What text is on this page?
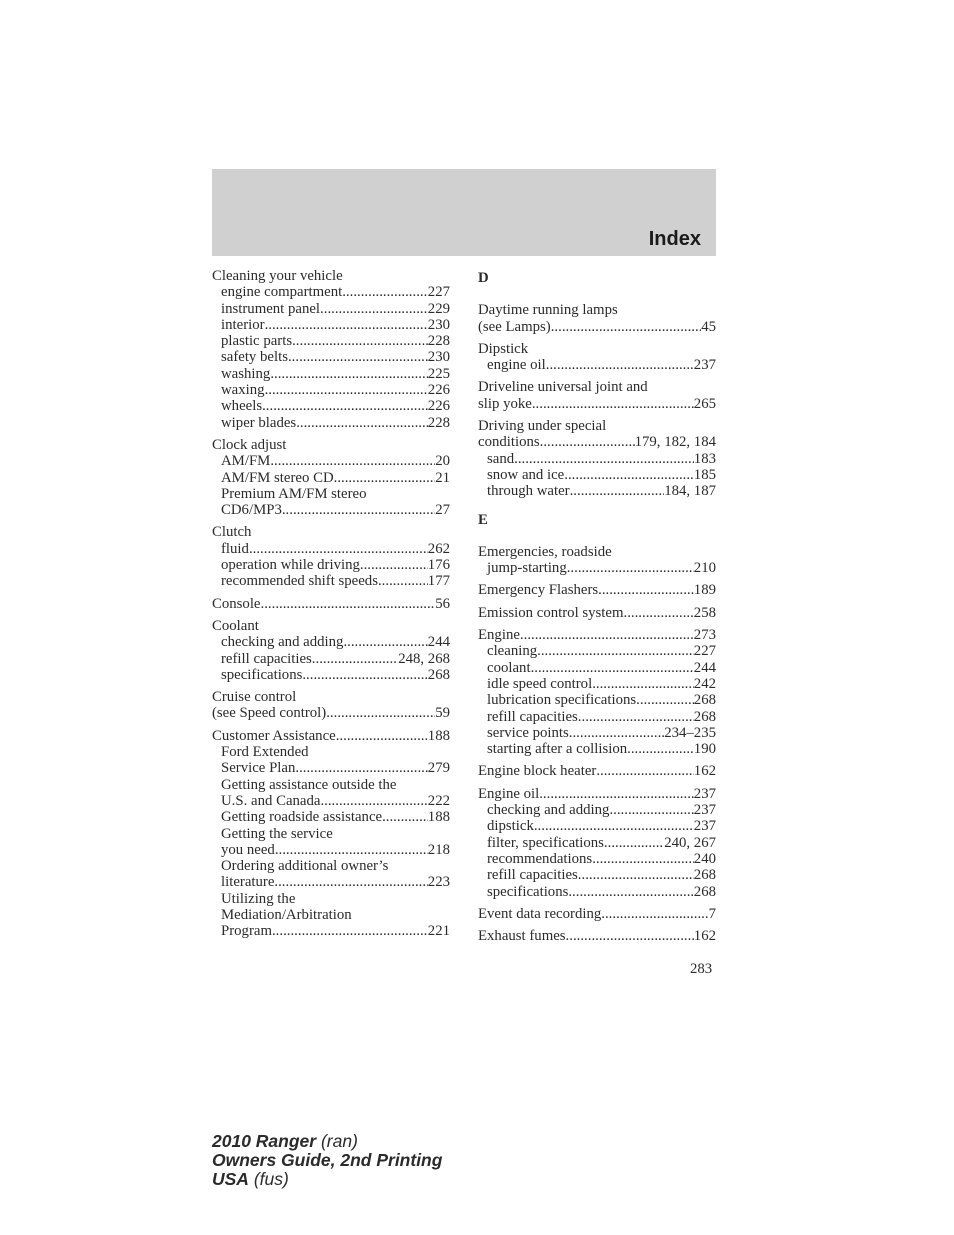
Index
Cleaning your vehicle
engine compartment .....	227
instrument panel .....	229
interior .....	230
plastic parts .....	228
safety belts .....	230
washing .....	225
waxing .....	226
wheels .....	226
wiper blades .....	228
Clock adjust
AM/FM .....	20
AM/FM stereo CD .....	21
Premium AM/FM stereo
CD6/MP3 .....	27
Clutch
fluid .....	262
operation while driving .....	176
recommended shift speeds .....	177
Console .....	56
Coolant
checking and adding .....	244
refill capacities .....	248, 268
specifications .....	268
Cruise control
(see Speed control) .....	59
Customer Assistance .....	188
Ford Extended
Service Plan .....	279
Getting assistance outside the
U.S. and Canada .....	222
Getting roadside assistance .....	188
Getting the service
you need .....	218
Ordering additional owner’s
literature .....	223
Utilizing the
Mediation/Arbitration
Program .....	221
D
Daytime running lamps
(see Lamps) .....	45
Dipstick
engine oil .....	237
Driveline universal joint and
slip yoke .....	265
Driving under special
conditions .....	179, 182, 184
sand .....	183
snow and ice .....	185
through water .....	184, 187
E
Emergencies, roadside
jump-starting .....	210
Emergency Flashers .....	189
Emission control system .....	258
Engine .....	273
cleaning .....	227
coolant .....	244
idle speed control .....	242
lubrication specifications .....	268
refill capacities .....	268
service points .....	234–235
starting after a collision .....	190
Engine block heater .....	162
Engine oil .....	237
checking and adding .....	237
dipstick .....	237
filter, specifications .....	240, 267
recommendations .....	240
refill capacities .....	268
specifications .....	268
Event data recording .....	7
Exhaust fumes .....	162
283
2010 Ranger (ran)
Owners Guide, 2nd Printing
USA (fus)
